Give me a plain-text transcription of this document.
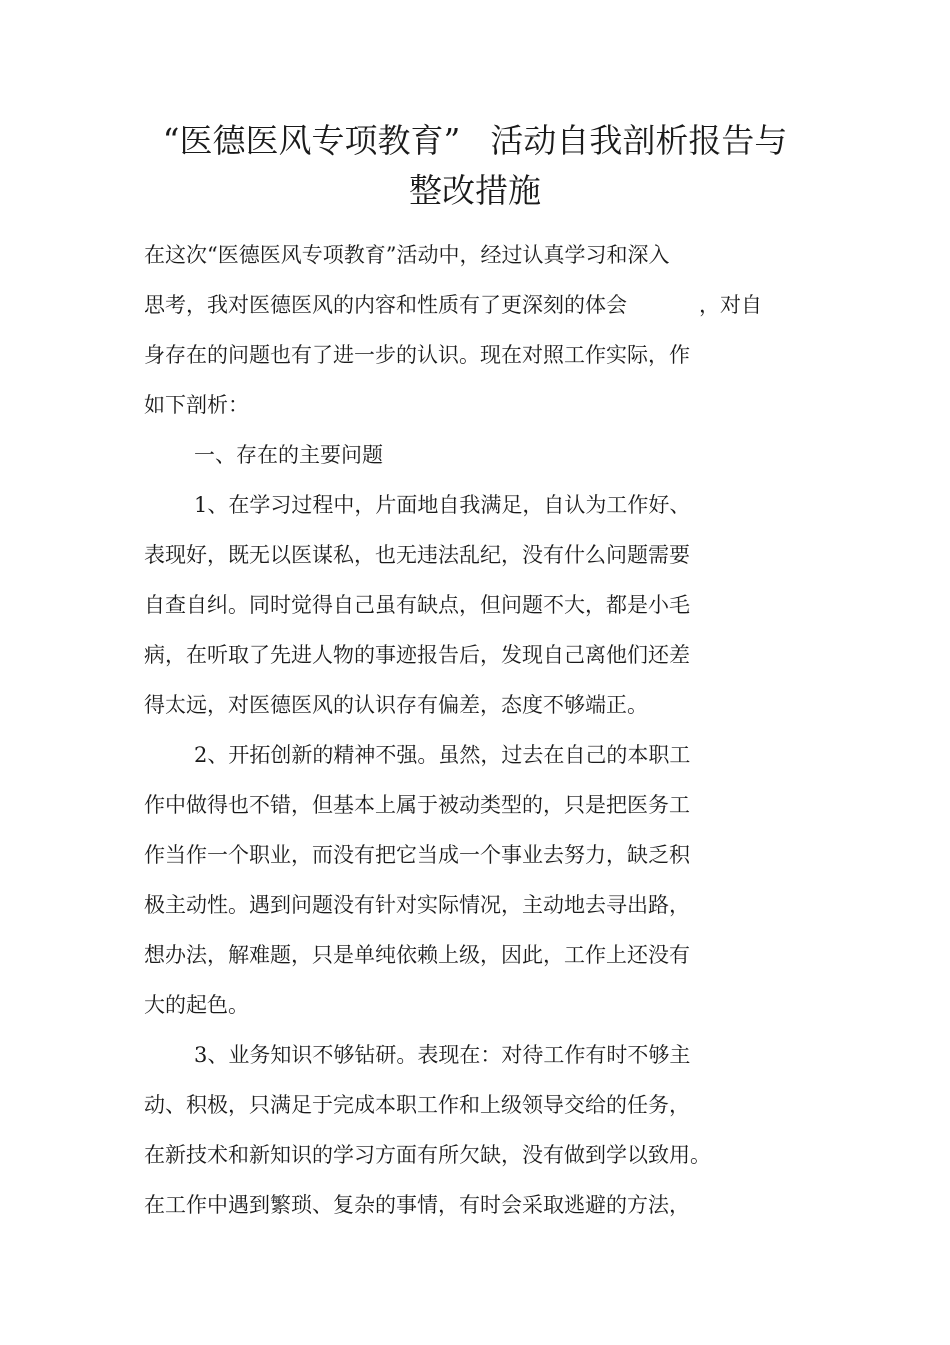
“医德医风专项教育” 活动自我剖析报告与
整改措施
在这次“医德医风专项教育”活动中，经过认真学习和深入
思考，我对医德医风的内容和性质有了更深刻的体会	，对自
身存在的问题也有了进一步的认识。现在对照工作实际，作
如下剖析：
一、存在的主要问题
1、在学习过程中，片面地自我满足，自认为工作好、
表现好，既无以医谋私，也无违法乱纪，没有什么问题需要
自查自纠。同时觉得自己虽有缺点，但问题不大，都是小毛
病，在听取了先进人物的事迹报告后，发现自己离他们还差
得太远，对医德医风的认识存有偏差，态度不够端正。
2、开拓创新的精神不强。虽然，过去在自己的本职工
作中做得也不错，但基本上属于被动类型的，只是把医务工
作当作一个职业，而没有把它当成一个事业去努力，缺乏积
极主动性。遇到问题没有针对实际情况，主动地去寻出路，
想办法，解难题，只是单纯依赖上级，因此，工作上还没有
大的起色。
3、业务知识不够钻研。表现在：对待工作有时不够主
动、积极，只满足于完成本职工作和上级领导交给的任务，
在新技术和新知识的学习方面有所欠缺，没有做到学以致用。
在工作中遇到繁琐、复杂的事情，有时会采取逃避的方法，
